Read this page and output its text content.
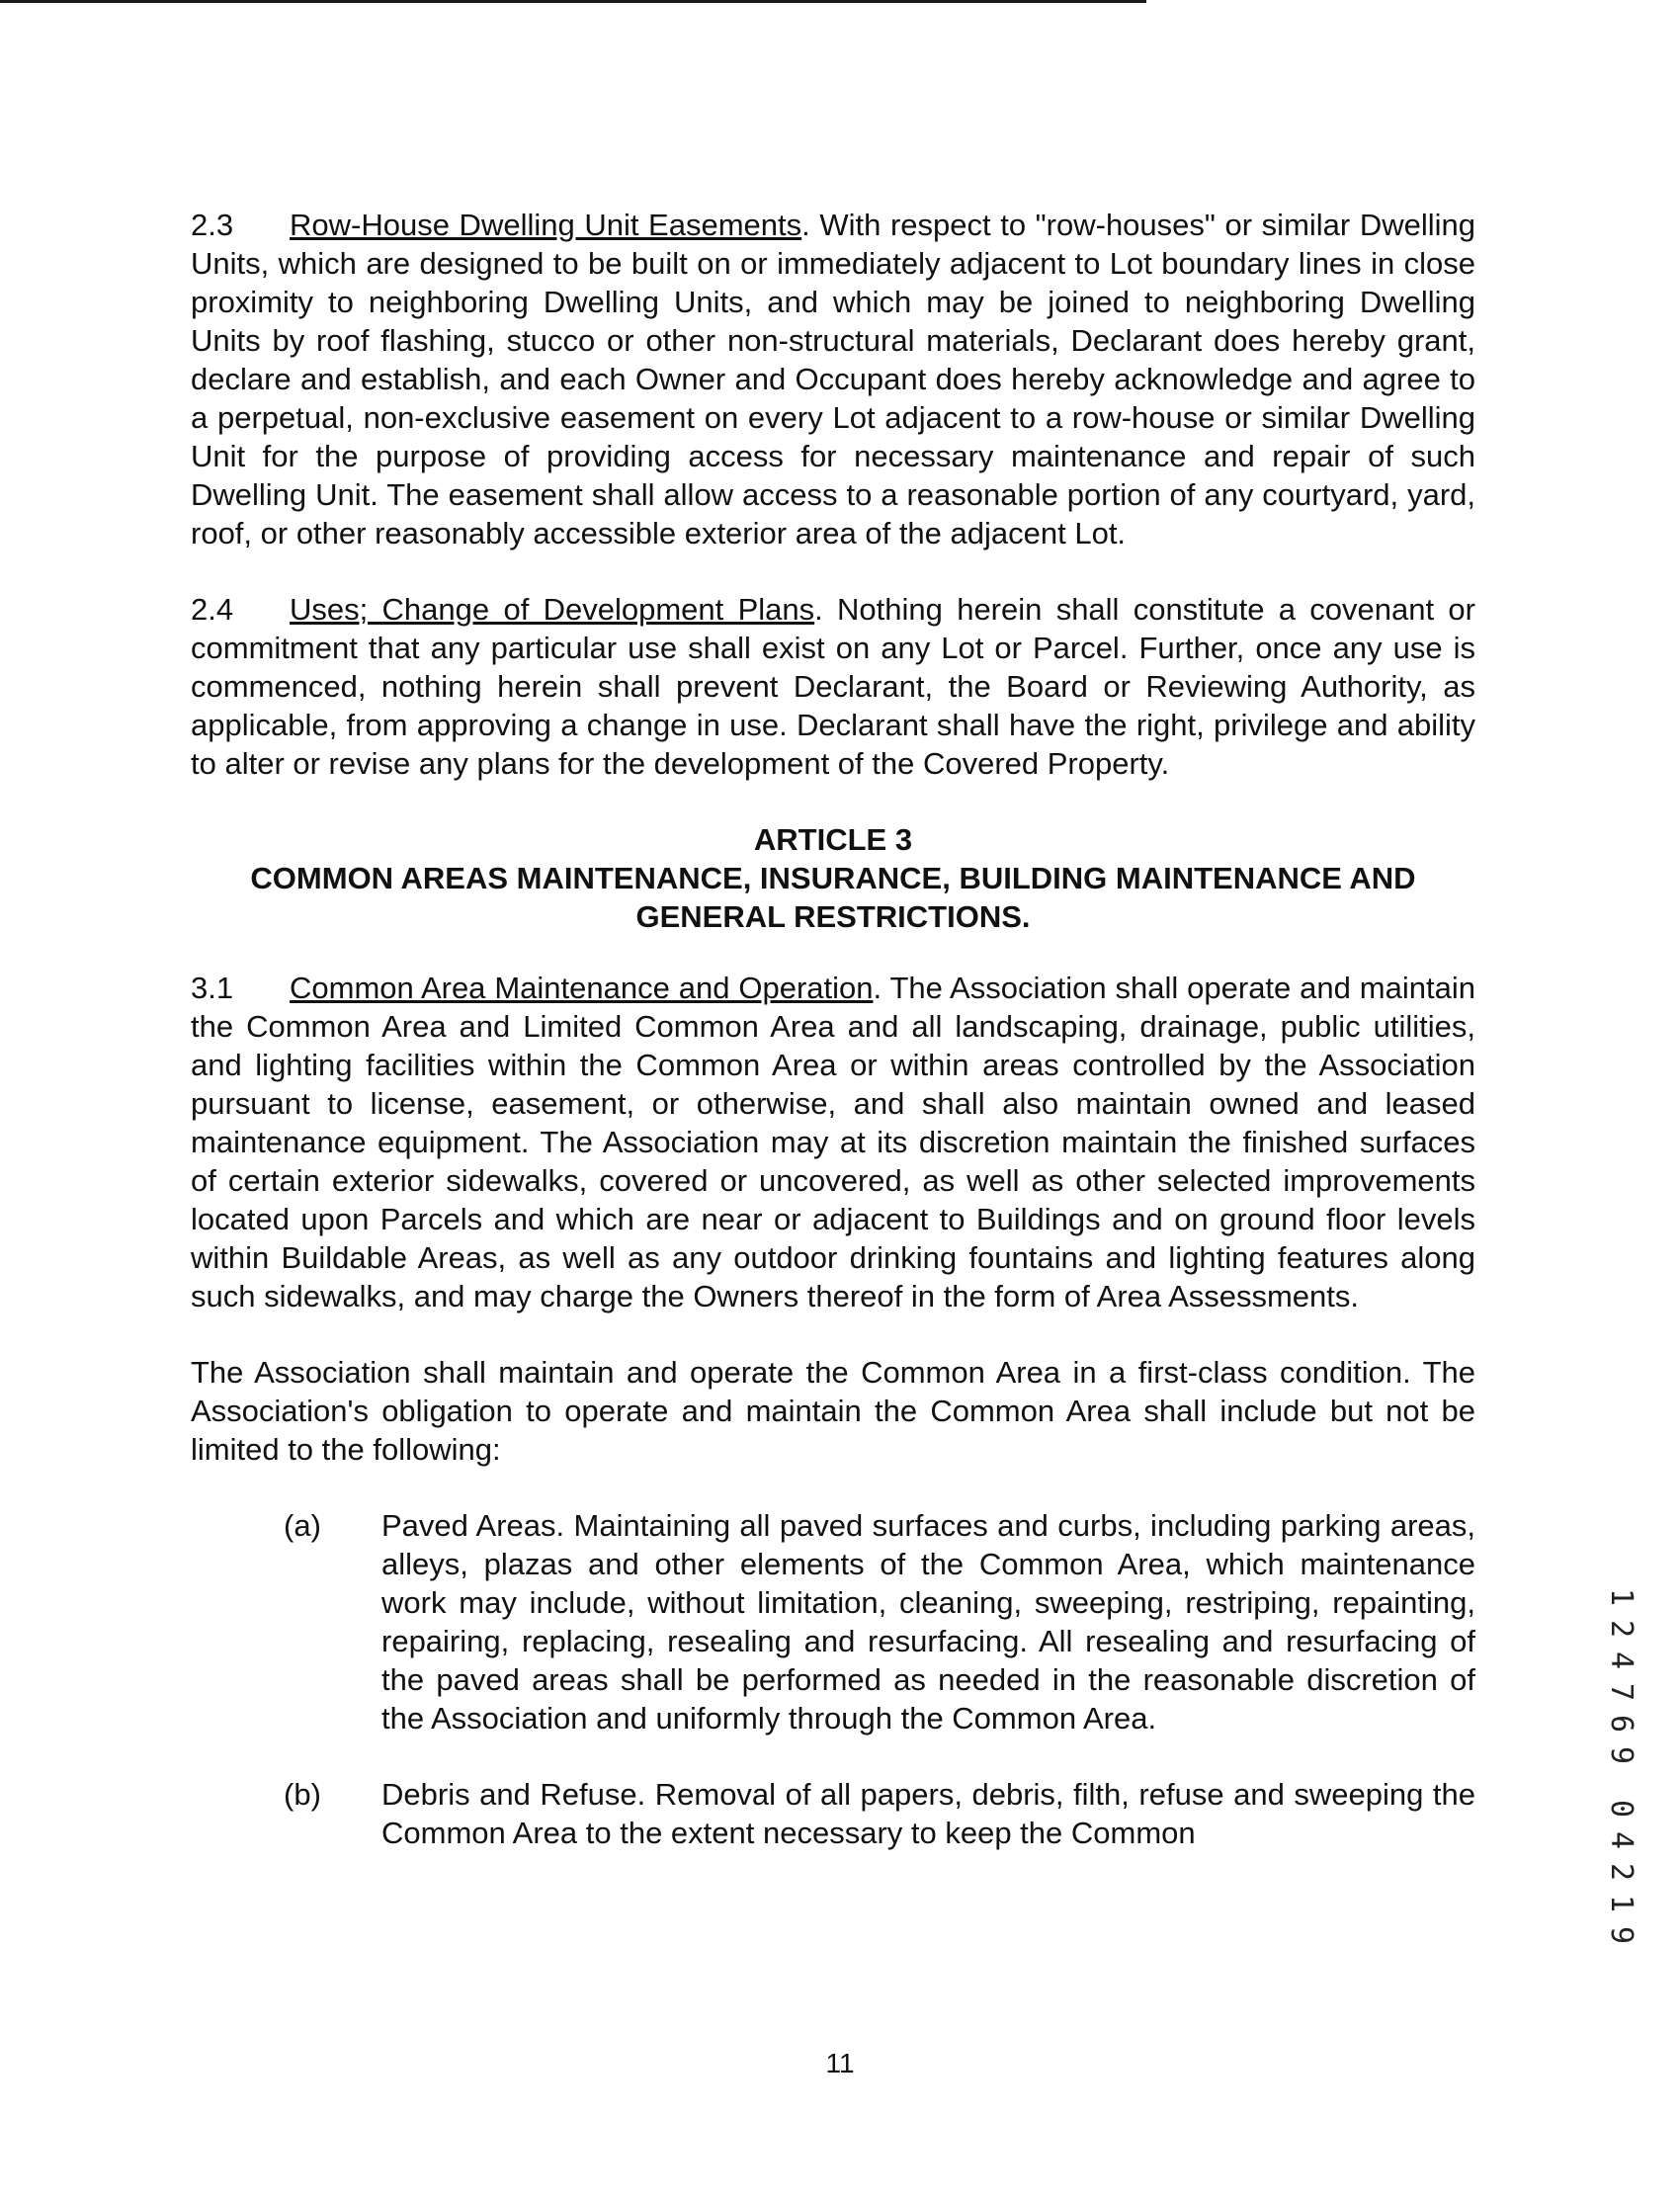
2.3 Row-House Dwelling Unit Easements. With respect to "row-houses" or similar Dwelling Units, which are designed to be built on or immediately adjacent to Lot boundary lines in close proximity to neighboring Dwelling Units, and which may be joined to neighboring Dwelling Units by roof flashing, stucco or other non-structural materials, Declarant does hereby grant, declare and establish, and each Owner and Occupant does hereby acknowledge and agree to a perpetual, non-exclusive easement on every Lot adjacent to a row-house or similar Dwelling Unit for the purpose of providing access for necessary maintenance and repair of such Dwelling Unit. The easement shall allow access to a reasonable portion of any courtyard, yard, roof, or other reasonably accessible exterior area of the adjacent Lot.

2.4 Uses; Change of Development Plans. Nothing herein shall constitute a covenant or commitment that any particular use shall exist on any Lot or Parcel. Further, once any use is commenced, nothing herein shall prevent Declarant, the Board or Reviewing Authority, as applicable, from approving a change in use. Declarant shall have the right, privilege and ability to alter or revise any plans for the development of the Covered Property.

ARTICLE 3
COMMON AREAS MAINTENANCE, INSURANCE, BUILDING MAINTENANCE AND
GENERAL RESTRICTIONS.

3.1 Common Area Maintenance and Operation. The Association shall operate and maintain the Common Area and Limited Common Area and all landscaping, drainage, public utilities, and lighting facilities within the Common Area or within areas controlled by the Association pursuant to license, easement, or otherwise, and shall also maintain owned and leased maintenance equipment. The Association may at its discretion maintain the finished surfaces of certain exterior sidewalks, covered or uncovered, as well as other selected improvements located upon Parcels and which are near or adjacent to Buildings and on ground floor levels within Buildable Areas, as well as any outdoor drinking fountains and lighting features along such sidewalks, and may charge the Owners thereof in the form of Area Assessments.

The Association shall maintain and operate the Common Area in a first-class condition. The Association's obligation to operate and maintain the Common Area shall include but not be limited to the following:

(a) Paved Areas. Maintaining all paved surfaces and curbs, including parking areas, alleys, plazas and other elements of the Common Area, which maintenance work may include, without limitation, cleaning, sweeping, restriping, repainting, repairing, replacing, resealing and resurfacing. All resealing and resurfacing of the paved areas shall be performed as needed in the reasonable discretion of the Association and uniformly through the Common Area.

(b) Debris and Refuse. Removal of all papers, debris, filth, refuse and sweeping the Common Area to the extent necessary to keep the Common

1
2
4
7
6
9
0
4
2
1
9
11
